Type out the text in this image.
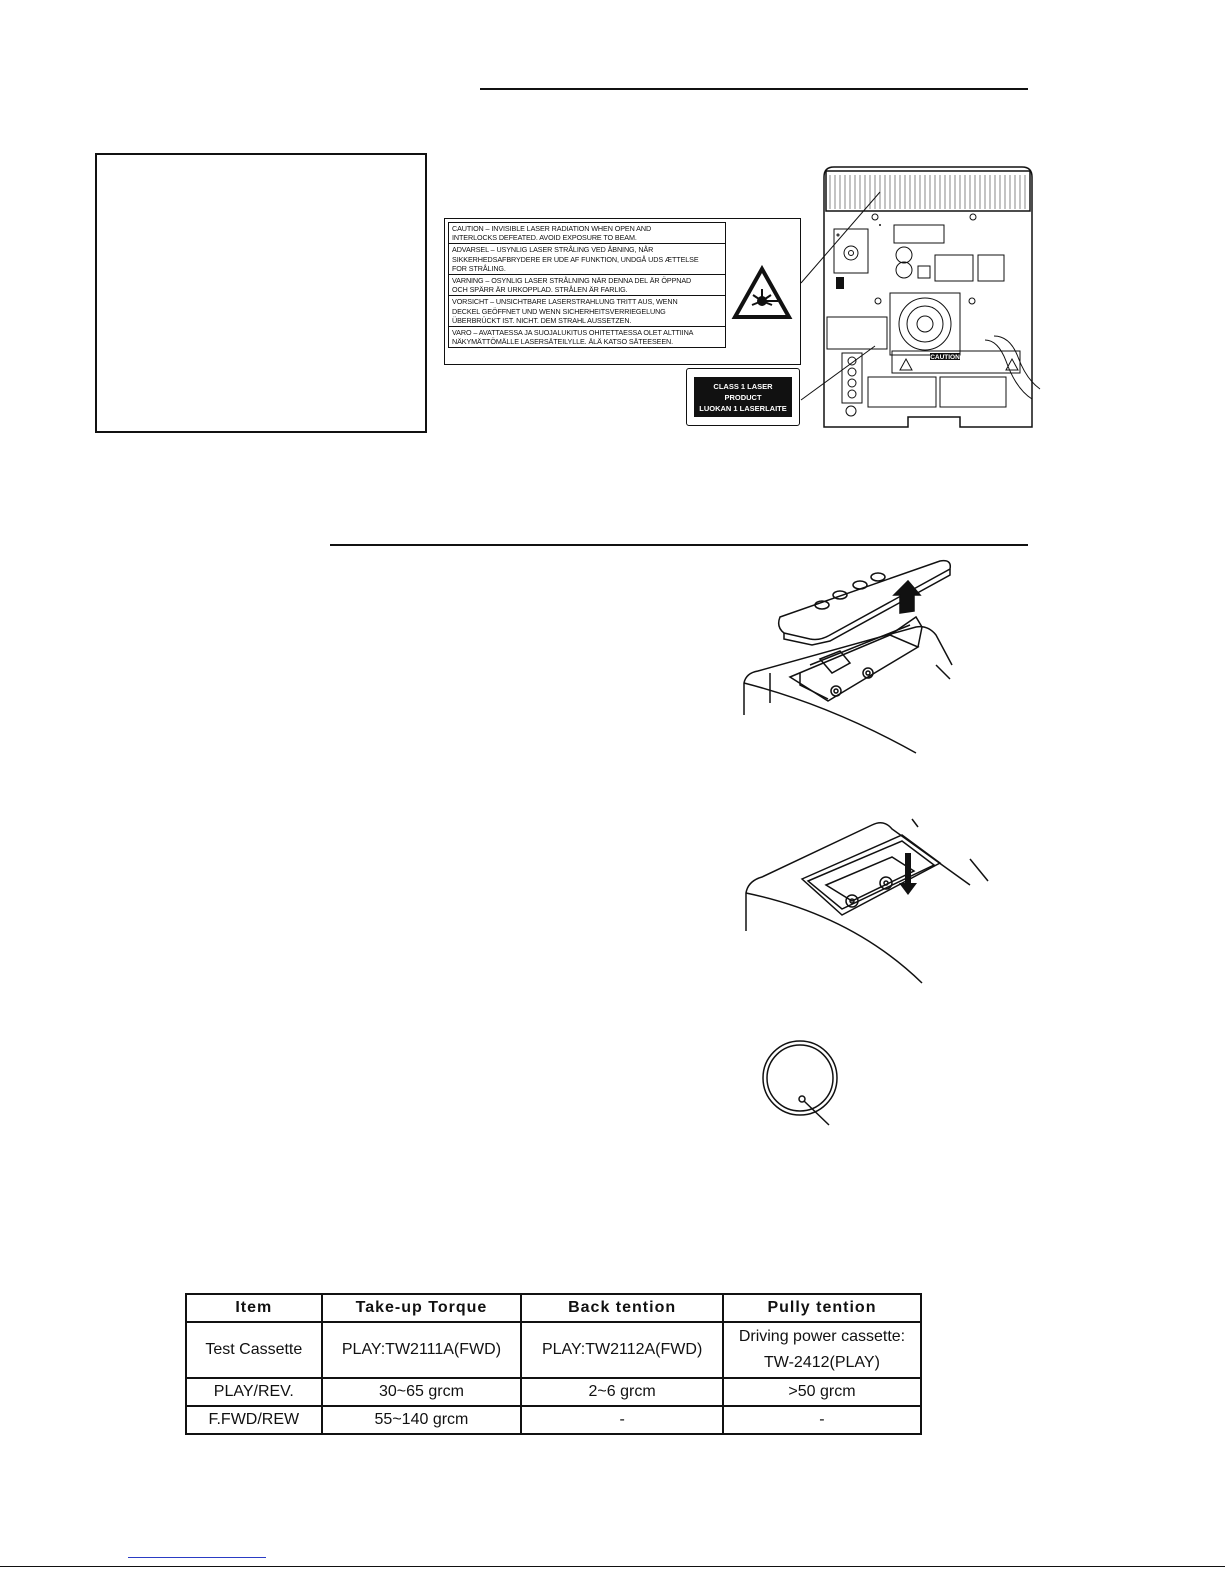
CAUTION – INVISIBLE LASER RADIATION WHEN OPEN AND
INTERLOCKS DEFEATED. AVOID EXPOSURE TO BEAM.
ADVARSEL – USYNLIG LASER STRÅLING VED ÅBNING, NÅR
SIKKERHEDSAFBRYDERE ER UDE AF FUNKTION, UNDGÅ UDS ÆTTELSE
FOR STRÅLING.
VARNING – OSYNLIG LASER STRÅLNING NÄR DENNA DEL ÄR ÖPPNAD
OCH SPÄRR ÄR URKOPPLAD. STRÅLEN ÄR FARLIG.
VORSICHT – UNSICHTBARE LASERSTRAHLUNG TRITT AUS, WENN
DECKEL GEÖFFNET UND WENN SICHERHEITSVERRIEGELUNG
ÜBERBRÜCKT IST. NICHT. DEM STRAHL AUSSETZEN.
VARO – AVATTAESSA JA SUOJALUKITUS OHITETTAESSA OLET ALTTIINA
NÄKYMÄTTÖMÄLLE LASERSÄTEILYLLE. ÄLÄ KATSO SÄTEESEEN.
CLASS 1 LASER PRODUCT
LUOKAN 1 LASERLAITE
KLASS 1 LASERAPPARAT
CAUTION
Item	Take-up Torque	Back tention	Pully tention
Test Cassette	PLAY:TW2111A(FWD)	PLAY:TW2112A(FWD)	Driving power cassette:
TW-2412(PLAY)

PLAY/REV.	30~65 grcm	2~6 grcm	>50 grcm
F.FWD/REW	55~140 grcm	-	-
